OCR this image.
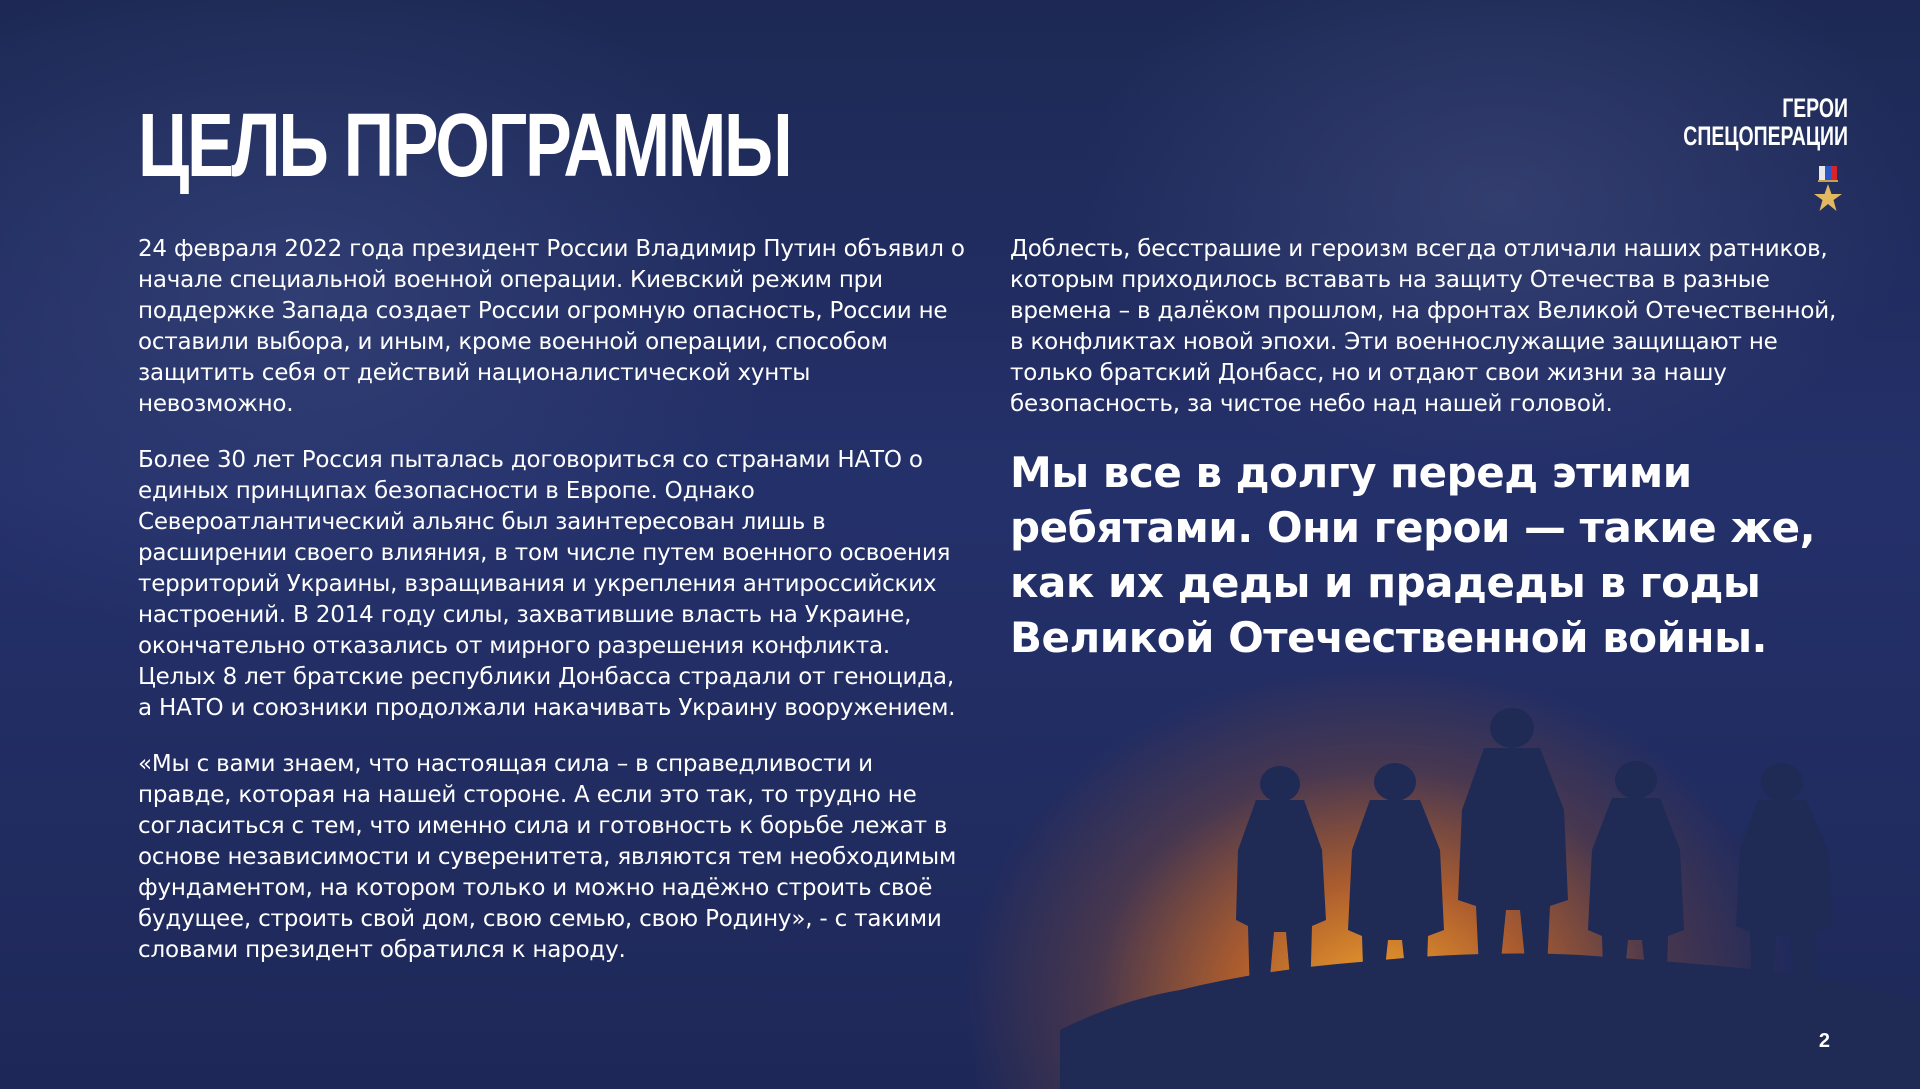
ЦЕЛЬ ПРОГРАММЫ	ГЕРОИ
СПЕЦОПЕРАЦИИ

24 февраля 2022 года президент России Владимир Путин объявил о начале специальной военной операции. Киевский режим при поддержке Запада создает России огромную опасность, России не оставили выбора, и иным, кроме военной операции, способом защитить себя от действий националистической хунты невозможно.

Более 30 лет Россия пыталась договориться со странами НАТО о единых принципах безопасности в Европе. Однако Североатлантический альянс был заинтересован лишь в расширении своего влияния, в том числе путем военного освоения территорий Украины, взращивания и укрепления антироссийских настроений. В 2014 году силы, захватившие власть на Украине, окончательно отказались от мирного разрешения конфликта. Целых 8 лет братские республики Донбасса страдали от геноцида, а НАТО и союзники продолжали накачивать Украину вооружением.

«Мы с вами знаем, что настоящая сила – в справедливости и правде, которая на нашей стороне. А если это так, то трудно не согласиться с тем, что именно сила и готовность к борьбе лежат в основе независимости и суверенитета, являются тем необходимым фундаментом, на котором только и можно надёжно строить своё будущее, строить свой дом, свою семью, свою Родину», - с такими словами президент обратился к народу.

Доблесть, бесстрашие и героизм всегда отличали наших ратников, которым приходилось вставать на защиту Отечества в разные времена – в далёком прошлом, на фронтах Великой Отечественной, в конфликтах новой эпохи. Эти военнослужащие защищают не только братский Донбасс, но и отдают свои жизни за нашу безопасность, за чистое небо над нашей головой.

Мы все в долгу перед этими ребятами. Они герои — такие же, как их деды и прадеды в годы Великой Отечественной войны.

2
